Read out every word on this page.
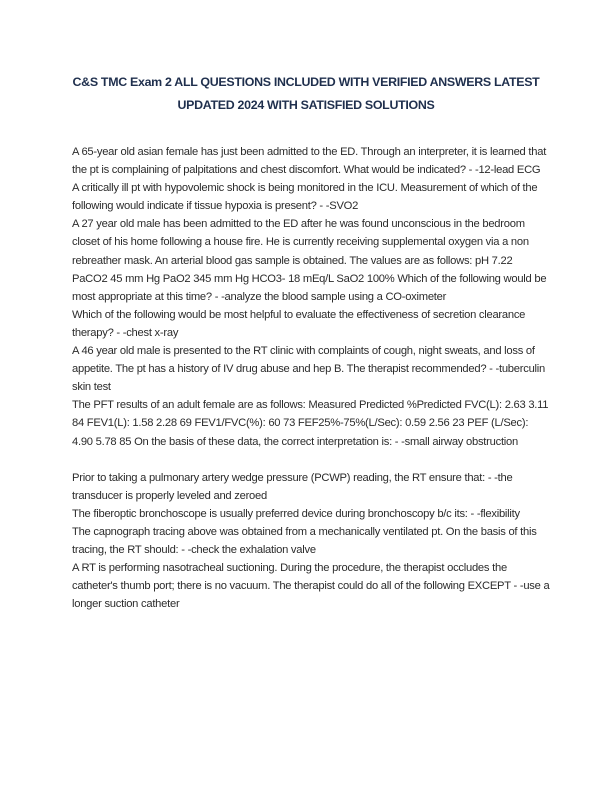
C&S TMC Exam 2 ALL QUESTIONS INCLUDED WITH VERIFIED ANSWERS LATEST UPDATED 2024 WITH SATISFIED SOLUTIONS

A 65-year old asian female has just been admitted to the ED. Through an interpreter, it is learned that the pt is complaining of palpitations and chest discomfort. What would be indicated? - -12-lead ECG

A critically ill pt with hypovolemic shock is being monitored in the ICU. Measurement of which of the following would indicate if tissue hypoxia is present? - -SVO2

A 27 year old male has been admitted to the ED after he was found unconscious in the bedroom closet of his home following a house fire. He is currently receiving supplemental oxygen via a non rebreather mask. An arterial blood gas sample is obtained. The values are as follows: pH 7.22 PaCO2 45 mm Hg PaO2 345 mm Hg HCO3- 18 mEq/L SaO2 100% Which of the following would be most appropriate at this time? - -analyze the blood sample using a CO-oximeter

Which of the following would be most helpful to evaluate the effectiveness of secretion clearance therapy? - -chest x-ray

A 46 year old male is presented to the RT clinic with complaints of cough, night sweats, and loss of appetite. The pt has a history of IV drug abuse and hep B. The therapist recommended? - -tuberculin skin test

The PFT results of an adult female are as follows: Measured Predicted %Predicted FVC(L): 2.63 3.11 84 FEV1(L): 1.58 2.28 69 FEV1/FVC(%): 60 73 FEF25%-75%(L/Sec): 0.59 2.56 23 PEF (L/Sec): 4.90 5.78 85 On the basis of these data, the correct interpretation is: - -small airway obstruction

Prior to taking a pulmonary artery wedge pressure (PCWP) reading, the RT ensure that: - -the transducer is properly leveled and zeroed

The fiberoptic bronchoscope is usually preferred device during bronchoscopy b/c its: - -flexibility

The capnograph tracing above was obtained from a mechanically ventilated pt. On the basis of this tracing, the RT should: - -check the exhalation valve

A RT is performing nasotracheal suctioning. During the procedure, the therapist occludes the catheter's thumb port; there is no vacuum. The therapist could do all of the following EXCEPT - -use a longer suction catheter
